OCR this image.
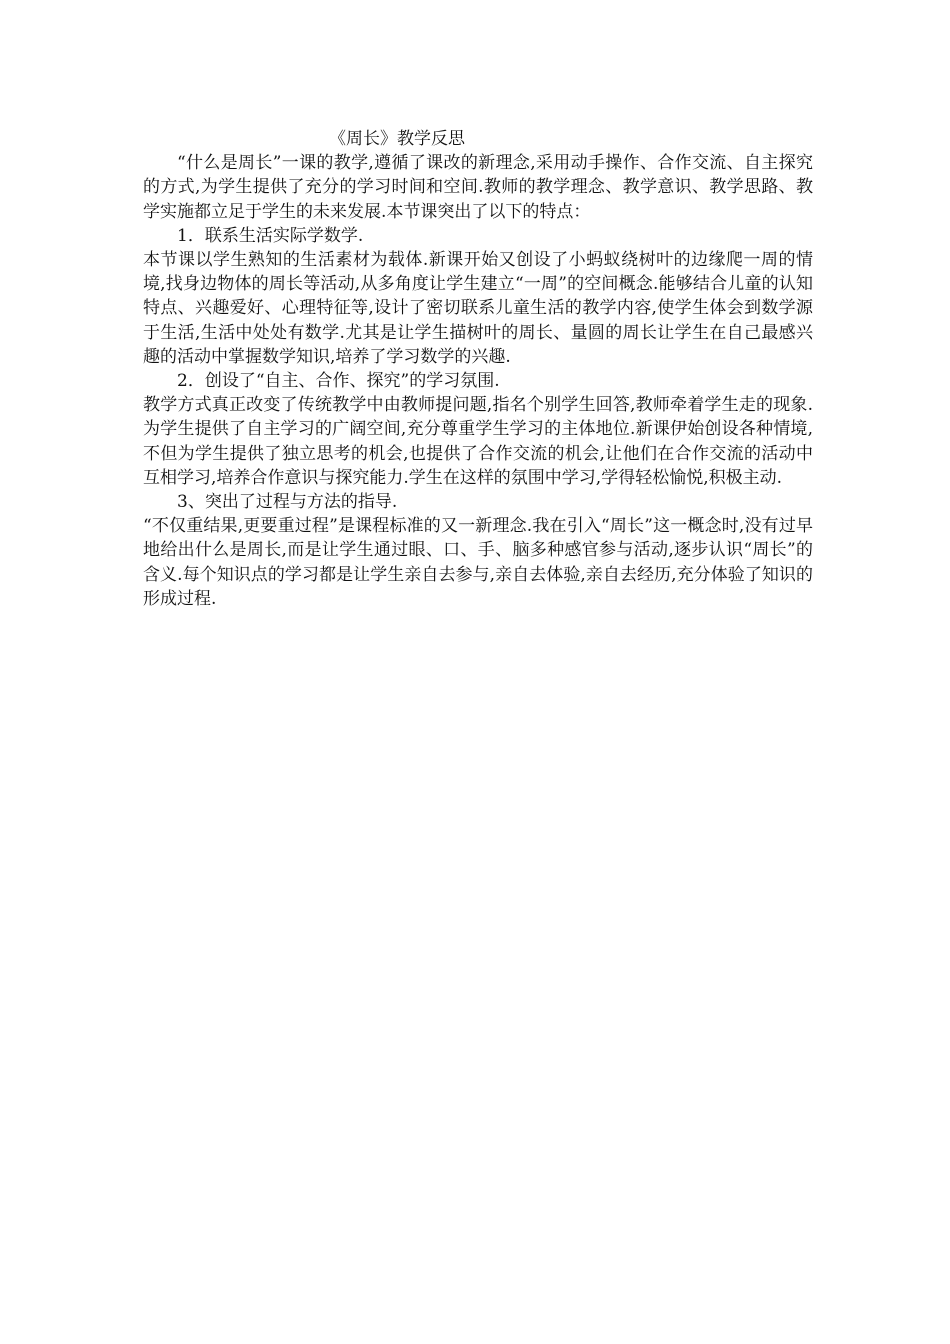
《周长》教学反思

“什么是周长”一课的教学,遵循了课改的新理念,采用动手操作、合作交流、自主探究的方式,为学生提供了充分的学习时间和空间.教师的教学理念、教学意识、教学思路、教学实施都立足于学生的未来发展.本节课突出了以下的特点：

1．联系生活实际学数学.

本节课以学生熟知的生活素材为载体.新课开始又创设了小蚂蚁绕树叶的边缘爬一周的情境,找身边物体的周长等活动,从多角度让学生建立“一周”的空间概念.能够结合儿童的认知特点、兴趣爱好、心理特征等,设计了密切联系儿童生活的教学内容,使学生体会到数学源于生活,生活中处处有数学.尤其是让学生描树叶的周长、量圆的周长让学生在自己最感兴趣的活动中掌握数学知识,培养了学习数学的兴趣.

2．创设了“自主、合作、探究”的学习氛围.

教学方式真正改变了传统教学中由教师提问题,指名个别学生回答,教师牵着学生走的现象.为学生提供了自主学习的广阔空间,充分尊重学生学习的主体地位.新课伊始创设各种情境,不但为学生提供了独立思考的机会,也提供了合作交流的机会,让他们在合作交流的活动中互相学习,培养合作意识与探究能力.学生在这样的氛围中学习,学得轻松愉悦,积极主动.

3、突出了过程与方法的指导.

“不仅重结果,更要重过程”是课程标准的又一新理念.我在引入“周长”这一概念时,没有过早地给出什么是周长,而是让学生通过眼、口、手、脑多种感官参与活动,逐步认识“周长”的含义.每个知识点的学习都是让学生亲自去参与,亲自去体验,亲自去经历,充分体验了知识的形成过程.
